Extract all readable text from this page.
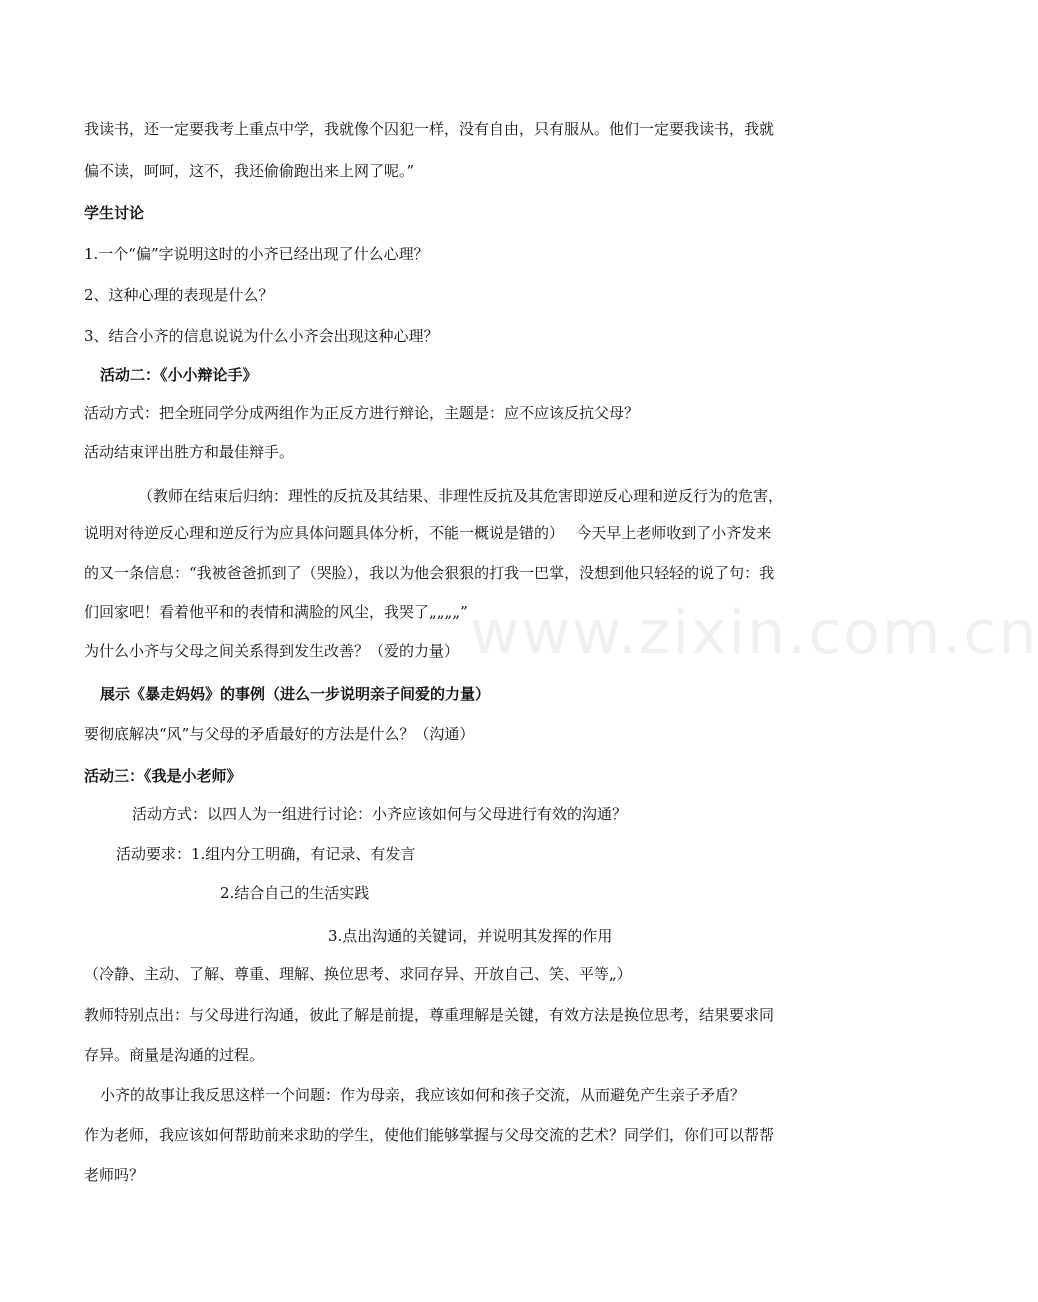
我读书，还一定要我考上重点中学，我就像个囚犯一样，没有自由，只有服从。他们一定要我读书，我就

偏不读，呵呵，这不，我还偷偷跑出来上网了呢。”

学生讨论

1.一个“偏”字说明这时的小齐已经出现了什么心理？

2、这种心理的表现是什么？

3、结合小齐的信息说说为什么小齐会出现这种心理？

活动二：《小小辩论手》

活动方式：把全班同学分成两组作为正反方进行辩论，主题是：应不应该反抗父母？

活动结束评出胜方和最佳辩手。

（教师在结束后归纳：理性的反抗及其结果、非理性反抗及其危害即逆反心理和逆反行为的危害，

说明对待逆反心理和逆反行为应具体问题具体分析，不能一概说是错的）　 今天早上老师收到了小齐发来

的又一条信息：“我被爸爸抓到了（哭脸），我以为他会狠狠的打我一巴掌，没想到他只轻轻的说了句：我

们回家吧！看着他平和的表情和满脸的风尘，我哭了„„„„”

为什么小齐与父母之间关系得到发生改善？（爱的力量）

展示《暴走妈妈》的事例（进么一步说明亲子间爱的力量）

要彻底解决“风”与父母的矛盾最好的方法是什么？（沟通）

活动三：《我是小老师》

活动方式：以四人为一组进行讨论：小齐应该如何与父母进行有效的沟通？

活动要求：1.组内分工明确，有记录、有发言

2.结合自己的生活实践

3.点出沟通的关键词，并说明其发挥的作用

（冷静、主动、了解、尊重、理解、换位思考、求同存异、开放自己、笑、平等„）

教师特别点出：与父母进行沟通，彼此了解是前提，尊重理解是关键，有效方法是换位思考，结果要求同

存异。商量是沟通的过程。

小齐的故事让我反思这样一个问题：作为母亲，我应该如何和孩子交流，从而避免产生亲子矛盾？

作为老师，我应该如何帮助前来求助的学生，使他们能够掌握与父母交流的艺术？同学们，你们可以帮帮

老师吗？

www.zixin.com.cn
